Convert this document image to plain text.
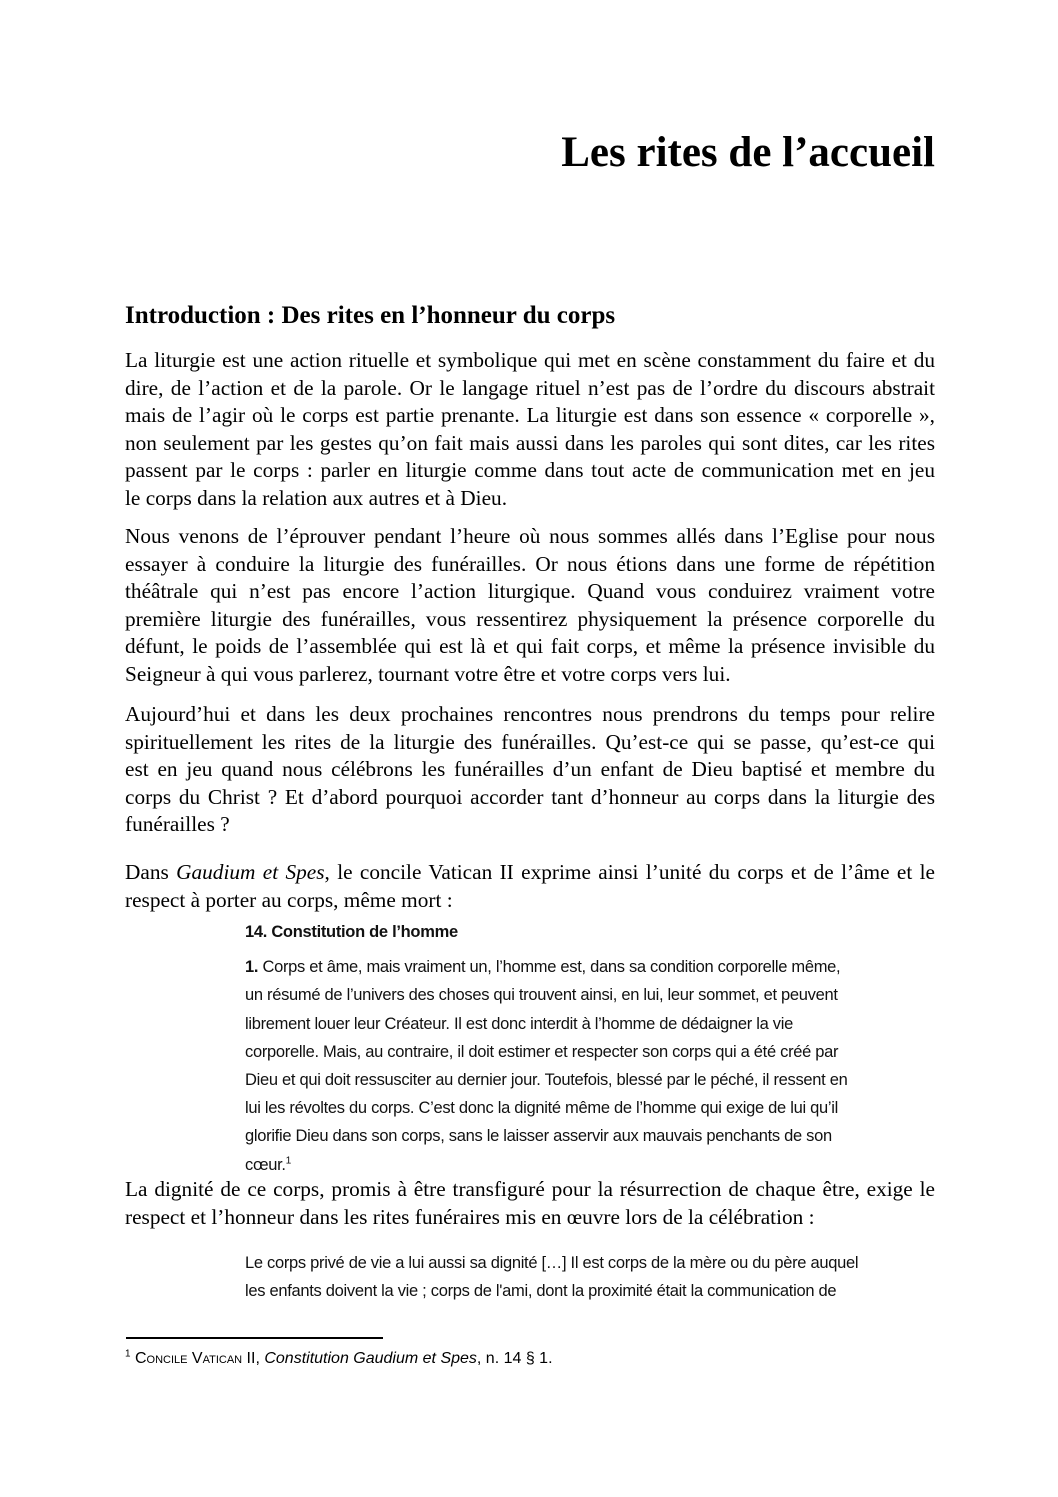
Les rites de l’accueil
Introduction : Des rites en l’honneur du corps
La liturgie est une action rituelle et symbolique qui met en scène constamment du faire et du
dire, de l’action et de la parole. Or le langage rituel n’est pas de l’ordre du discours abstrait
mais de l’agir où le corps est partie prenante. La liturgie est dans son essence « corporelle »,
non seulement par les gestes qu’on fait mais aussi dans les paroles qui sont dites, car les rites
passent par le corps : parler en liturgie comme dans tout acte de communication met en jeu
le corps dans la relation aux autres et à Dieu.
Nous venons de l’éprouver pendant l’heure où nous sommes allés dans l’Eglise pour nous
essayer à conduire la liturgie des funérailles. Or nous étions dans une forme de répétition
théâtrale qui n’est pas encore l’action liturgique. Quand vous conduirez vraiment votre
première liturgie des funérailles, vous ressentirez physiquement la présence corporelle du
défunt, le poids de l’assemblée qui est là et qui fait corps, et même la présence invisible du
Seigneur à qui vous parlerez, tournant votre être et votre corps vers lui.
Aujourd’hui et dans les deux prochaines rencontres nous prendrons du temps pour relire
spirituellement les rites de la liturgie des funérailles. Qu’est-ce qui se passe, qu’est-ce qui
est en jeu quand nous célébrons les funérailles d’un enfant de Dieu baptisé et membre du
corps du Christ ? Et d’abord pourquoi accorder tant d’honneur au corps dans la liturgie des
funérailles ?
Dans Gaudium et Spes, le concile Vatican II exprime ainsi l’unité du corps et de l’âme et le
respect à porter au corps, même mort :
14. Constitution de l’homme
1. Corps et âme, mais vraiment un, l’homme est, dans sa condition corporelle même,
un résumé de l’univers des choses qui trouvent ainsi, en lui, leur sommet, et peuvent
librement louer leur Créateur. Il est donc interdit à l’homme de dédaigner la vie
corporelle. Mais, au contraire, il doit estimer et respecter son corps qui a été créé par
Dieu et qui doit ressusciter au dernier jour. Toutefois, blessé par le péché, il ressent en
lui les révoltes du corps. C’est donc la dignité même de l’homme qui exige de lui qu’il
glorifie Dieu dans son corps, sans le laisser asservir aux mauvais penchants de son
cœur.$^1$
La dignité de ce corps, promis à être transfiguré pour la résurrection de chaque être, exige le
respect et l’honneur dans les rites funéraires mis en œuvre lors de la célébration :
Le corps privé de vie a lui aussi sa dignité […] Il est corps de la mère ou du père auquel
les enfants doivent la vie ; corps de l'ami, dont la proximité était la communication de
$^1$ Concile Vatican II, Constitution Gaudium et Spes, n. 14 § 1.
